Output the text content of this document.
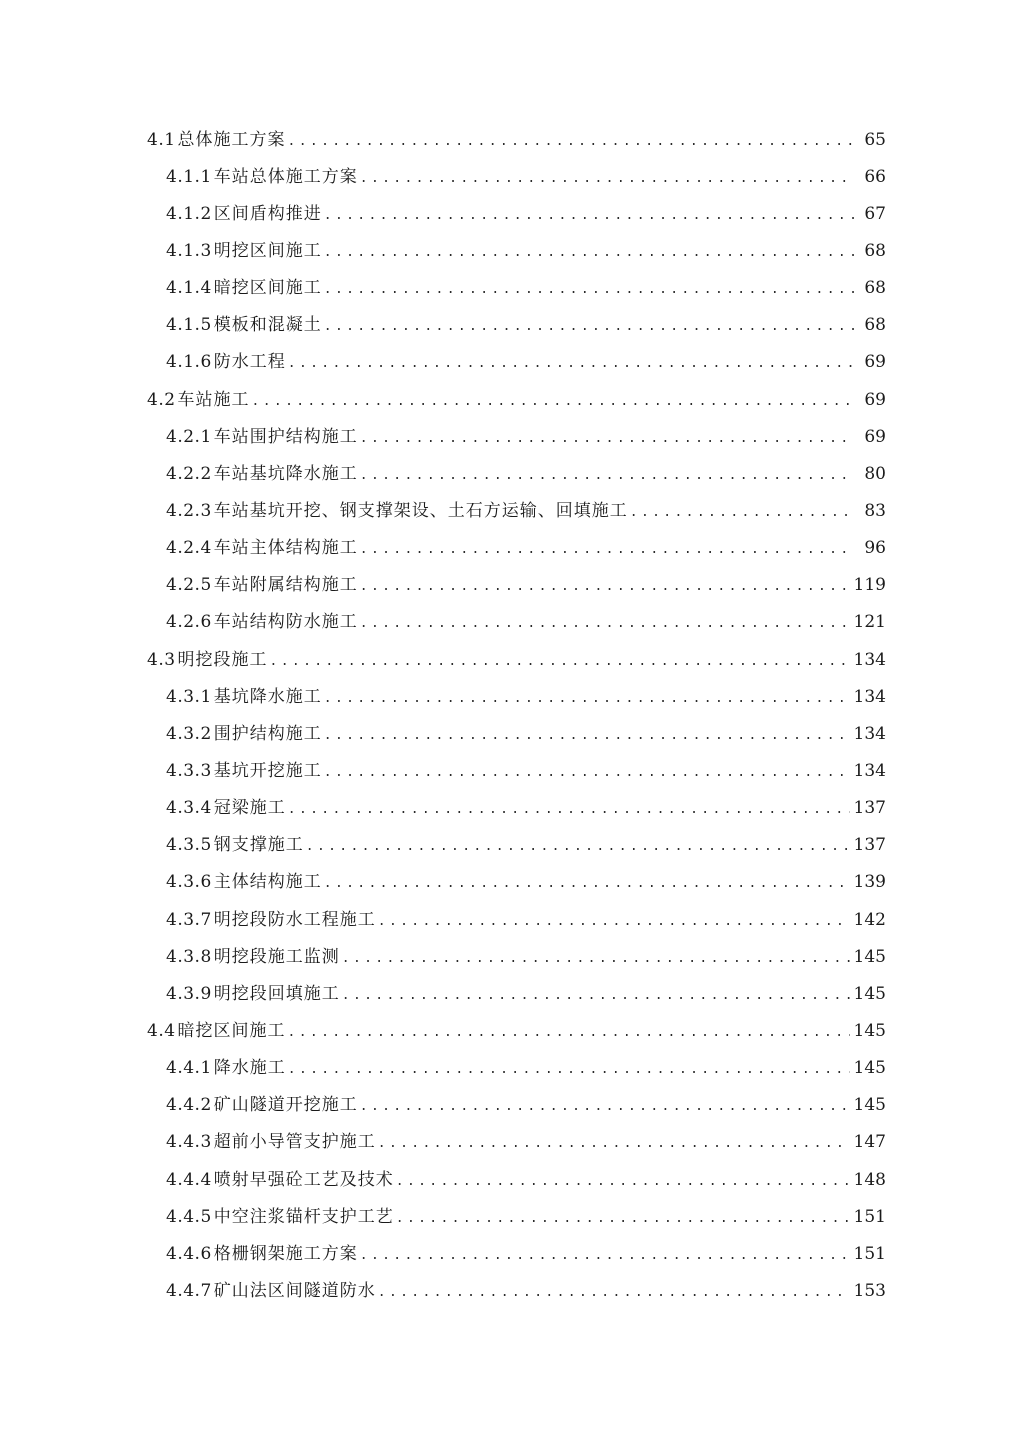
4.1 总体施工方案 .....	65
4.1.1 车站总体施工方案 .....	66
4.1.2 区间盾构推进 .....	67
4.1.3 明挖区间施工 .....	68
4.1.4 暗挖区间施工 .....	68
4.1.5 模板和混凝土 .....	68
4.1.6 防水工程 .....	69
4.2 车站施工 .....	69
4.2.1 车站围护结构施工 .....	69
4.2.2 车站基坑降水施工 .....	80
4.2.3 车站基坑开挖、钢支撑架设、土石方运输、回填施工 .....	83
4.2.4 车站主体结构施工 .....	96
4.2.5 车站附属结构施工 .....	119
4.2.6 车站结构防水施工 .....	121
4.3 明挖段施工 .....	134
4.3.1 基坑降水施工 .....	134
4.3.2 围护结构施工 .....	134
4.3.3 基坑开挖施工 .....	134
4.3.4 冠梁施工 .....	137
4.3.5 钢支撑施工 .....	137
4.3.6 主体结构施工 .....	139
4.3.7 明挖段防水工程施工 .....	142
4.3.8 明挖段施工监测 .....	145
4.3.9 明挖段回填施工 .....	145
4.4 暗挖区间施工 .....	145
4.4.1 降水施工 .....	145
4.4.2 矿山隧道开挖施工 .....	145
4.4.3 超前小导管支护施工 .....	147
4.4.4 喷射早强砼工艺及技术 .....	148
4.4.5 中空注浆锚杆支护工艺 .....	151
4.4.6 格栅钢架施工方案 .....	151
4.4.7 矿山法区间隧道防水 .....	153
